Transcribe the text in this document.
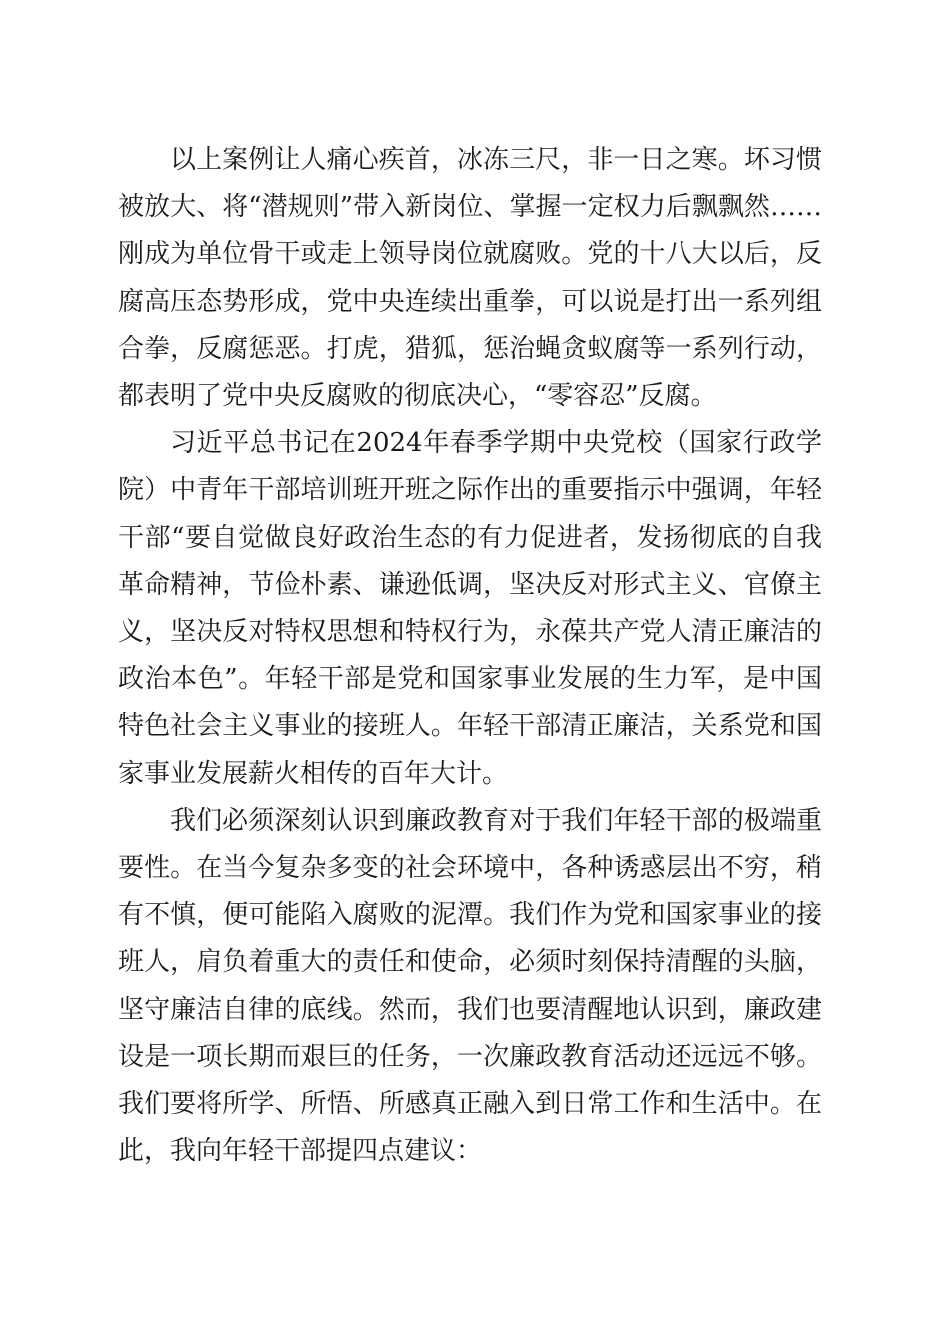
以上案例让人痛心疾首，冰冻三尺，非一日之寒。坏习惯被放大、将“潜规则”带入新岗位、掌握一定权力后飘飘然……刚成为单位骨干或走上领导岗位就腐败。党的十八大以后，反腐高压态势形成，党中央连续出重拳，可以说是打出一系列组合拳，反腐惩恶。打虎，猎狐，惩治蝇贪蚁腐等一系列行动，都表明了党中央反腐败的彻底决心，“零容忍”反腐。

习近平总书记在2024年春季学期中央党校（国家行政学院）中青年干部培训班开班之际作出的重要指示中强调，年轻干部“要自觉做良好政治生态的有力促进者，发扬彻底的自我革命精神，节俭朴素、谦逊低调，坚决反对形式主义、官僚主义，坚决反对特权思想和特权行为，永葆共产党人清正廉洁的政治本色”。年轻干部是党和国家事业发展的生力军，是中国特色社会主义事业的接班人。年轻干部清正廉洁，关系党和国家事业发展薪火相传的百年大计。

我们必须深刻认识到廉政教育对于我们年轻干部的极端重要性。在当今复杂多变的社会环境中，各种诱惑层出不穷，稍有不慎，便可能陷入腐败的泥潭。我们作为党和国家事业的接班人，肩负着重大的责任和使命，必须时刻保持清醒的头脑，坚守廉洁自律的底线。然而，我们也要清醒地认识到，廉政建设是一项长期而艰巨的任务，一次廉政教育活动还远远不够。我们要将所学、所悟、所感真正融入到日常工作和生活中。在此，我向年轻干部提四点建议：
